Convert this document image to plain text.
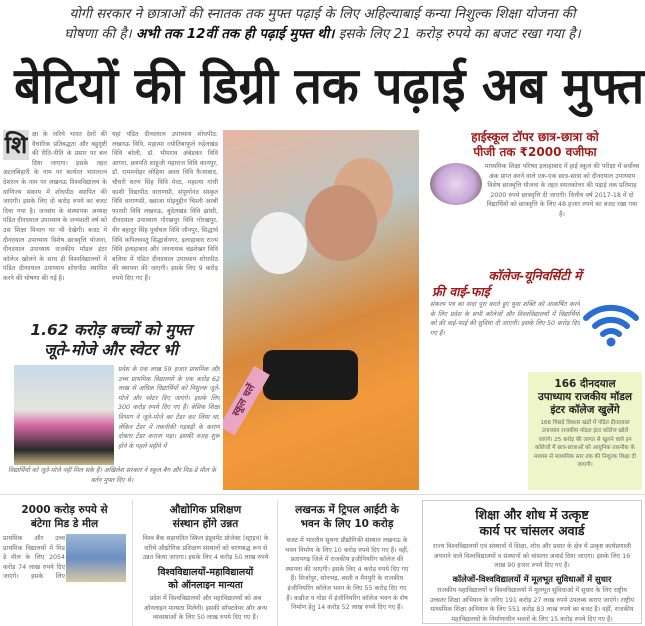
योगी सरकार ने छात्राओं की स्नातक तक मुफ्त पढ़ाई के लिए अहिल्याबाई कन्या निशुल्क शिक्षा योजना की
घोषणा की है। अभी तक 12वीं तक ही पढ़ाई मुफ्त थी। इसके लिए 21 करोड़ रुपये का बजट रखा गया है।
बेटियों की डिग्री तक पढ़ाई अब मुफ्त
शि क्षा के जरिये भारत देशों की वैचारिक प्रतिबद्धता और बहुदृष्टी की रीति-नीति के प्रसार पर बल दिया जाएगा। इसके तहत अटलबिहारी के नाम पर कार्यरत भारतरत्न देशरत्न के नाम पर लखनऊ विश्वविद्यालय के वाणिज्य संकाय में शोधपीठ स्थापित की जाएगी। इसके लिए दो करोड़ रुपये का बजट दिया गया है। जनसंघ के संस्थापक अध्यक्ष पंडित दीनदयाल उपाध्याय के जन्मशती वर्ष को उस शिक्षा विभाग पर भी देखेगी। बजट में दीनदयाल उपाध्याय विशेष छात्रवृत्ति योजना, दीनदयाल उपाध्याय राजकीय मॉडल इंटर कॉलेज खोलने के साथ ही विश्वविद्यालयों में पंडित दीनदयाल उपाध्याय शोधपीठ स्थापित करने की घोषणा की गई है।
यहां पंडित दीनदयाल उपाध्याय शोधपीठ: लखनऊ विवि, महात्मा ज्योतिबाफुले रुहेलखंड विवि बरेली, डॉ. भीमराव अंबेडकर विवि आगरा, छत्रपति शाहूजी महाराज विवि कानपुर, डॉ. राममनोहर लोहिया अवध विवि फैजाबाद, चौधरी चरण सिंह विवि मेरठ, महात्मा गांधी काशी विद्यापीठ वाराणसी, संपूर्णानंद संस्कृत विवि वाराणसी, ख्वाजा मोइनुद्दीन चिश्ती अरबी फारसी विवि लखनऊ, बुंदेलखंड विवि झांसी, दीनदयाल उपाध्याय गोरखपुर विवि गोरखपुर, वीर बहादुर सिंह पूर्वांचल विवि जौनपुर, सिद्धार्थ विवि कपिलवस्तु सिद्धार्थनगर, इलाहाबाद राज्य विवि इलाहाबाद और जननायक चंद्रशेखर विवि बलिया में पंडित दीनदयाल उपाध्याय शोधपीठ की स्थापना की जाएगी। इसके लिए 9 करोड़ रुपये दिए गए हैं।
1.62 करोड़ बच्चों को मुफ्त
जूते-मोजे और स्वेटर भी
प्रदेश के एक लाख 59 हजार प्राथमिक और उच्च प्राथमिक विद्यालयों के एक करोड़ 62 लाख से अधिक विद्यार्थियों को निशुल्क जूते-मोजे और स्वेटर दिए जाएंगे। इसके लिए 300 करोड़ रुपये दिए गए हैं। बेसिक शिक्षा विभाग ने जूते-मोजे का टेंडर कर लिया था, लेकिन टेंडर में तकनीकी गड़बड़ी के कारण दोबारा टेंडर कराना पड़ा। इसकी वजह शुरू होने के पहले महीने में
विद्यार्थियों को जूते-मोजे नहीं मिल सके हैं। अखिलेश सरकार ने स्कूल बैग और मिड-डे मील के बर्तन मुफ्त दिए थे।
स्कूल चलें
हाईस्कूल टॉपर छात्र-छात्रा को
पीजी तक ₹2000 वजीफा
माध्यमिक शिक्षा परिषद इलाहाबाद में हाई स्कूल की परीक्षा में सर्वोच्च अंक प्राप्त करने वाले एक-एक छात्र-छात्रा को दीनदयाल उपाध्याय विशेष छात्रवृत्ति योजना के तहत स्नातकोत्तर की पढ़ाई तक प्रतिमाह 2000 रुपये छात्रवृत्ति दी जाएगी। वित्तीय वर्ष 2017-18 में दो विद्यार्थियों को छात्रवृत्ति के लिए 48 हजार रुपये का बजट रखा गया है।
कॉलेज-यूनिवर्सिटी में
फ्री वाई-फाई
संकल्प पत्र का वादा पूरा करते हुए युवा शक्ति को आकर्षित करने के लिए प्रदेश के सभी कॉलेजों और विश्वविद्यालयों में विद्यार्थियों को फ्री वाई-फाई की सुविधा दी जाएगी। इसके लिए 50 करोड़ दिए गए हैं।
166 दीनदयाल
उपाध्याय राजकीय मॉडल
इंटर कॉलेज खुलेंगे
166 पिछड़े विकास खंडों में पंडित दीनदयाल उपाध्याय राजकीय मॉडल इंटर कॉलेज खोले जाएंगे। 25 करोड़ की लागत से खुलने वाले इन कॉलेजों में छात्र-छात्राओं को आधुनिक तकनीक के माध्यम से माध्यमिक स्तर तक की निशुल्क शिक्षा दी जाएगी।
2000 करोड़ रुपये से
बंटेगा मिड डे मील
प्राथमिक और उच्च प्राथमिक विद्यालयों में मिड डे मील के लिए 2054 करोड़ 74 लाख रुपये दिए जाएंगे। इसके लिए
औद्योगिक प्रशिक्षण
संस्थान होंगे उन्नत
विश्व बैंक सहायतित स्किल इंप्रूवमेंट प्रोजेक्ट (स्ट्राइव) के जरिये औद्योगिक प्रशिक्षण संस्थानों को चरणबद्ध रूप से उन्नत किया जाएगा। इसके लिए 4 करोड़ 50 लाख रुपये
विश्वविद्यालयों-महाविद्यालयों
को ऑनलाइन मान्यता
प्रदेश में विश्वविद्यालयों और महाविद्यालयों को अब ऑनलाइन मान्यता मिलेगी। इसकी सॉफ्टवेयर और अन्य व्यवस्थाओं के लिए 50 लाख रुपये दिए गए हैं।
लखनऊ में ट्रिपल आईटी के
भवन के लिए 10 करोड़
बजट में भारतीय सूचना प्रौद्योगिकी संस्थान लखनऊ के भवन निर्माण के लिए 10 करोड़ रुपये दिए गए हैं। वहीं, प्रतापगढ़ जिले में राजकीय इंजीनियरिंग कॉलेज की स्थापना की जाएगी। इसके लिए 4 करोड़ रुपये दिए गए हैं। मिर्जापुर, सोनभद्र, बस्ती व मैनपुरी के राजकीय इंजीनियरिंग कॉलेज भवन के लिए 55 करोड़ दिए गए हैं। कन्नौज व गोंडा में इंजीनियरिंग कॉलेज भवन के शेष निर्माण हेतु 14 करोड़ 52 लाख रुपये दिए गए हैं।
शिक्षा और शोध में उत्कृष्ट
कार्य पर चांसलर अवार्ड
राज्य विश्वविद्यालयों एवं संस्थानों में शिक्षा, शोध और प्रसार के क्षेत्र में उत्कृष्ट कार्यप्रणाली अपनाने वाले विश्वविद्यालयों व संस्थानों को चांसलर अवार्ड दिया जाएगा। इसके लिए 16 लाख 90 हजार रुपये दिए गए हैं।
कॉलेजों-विश्वविद्यालयों में मूलभूत सुविधाओं में सुधार
राजकीय महाविद्यालयों व विश्वविद्यालयों में मूलभूत सुविधाओं में सुधार के लिए राष्ट्रीय उच्चतर शिक्षा अभियान के जरिए 191 करोड़ 27 लाख रुपये उपलब्ध कराए जाएंगे। राष्ट्रीय माध्यमिक शिक्षा अभियान के लिए 551 करोड़ 83 लाख रुपये का बजट है। वहीं, राजकीय महाविद्यालयों के निर्माणाधीन भवनों के लिए 15 करोड़ रुपये दिए गए हैं।
